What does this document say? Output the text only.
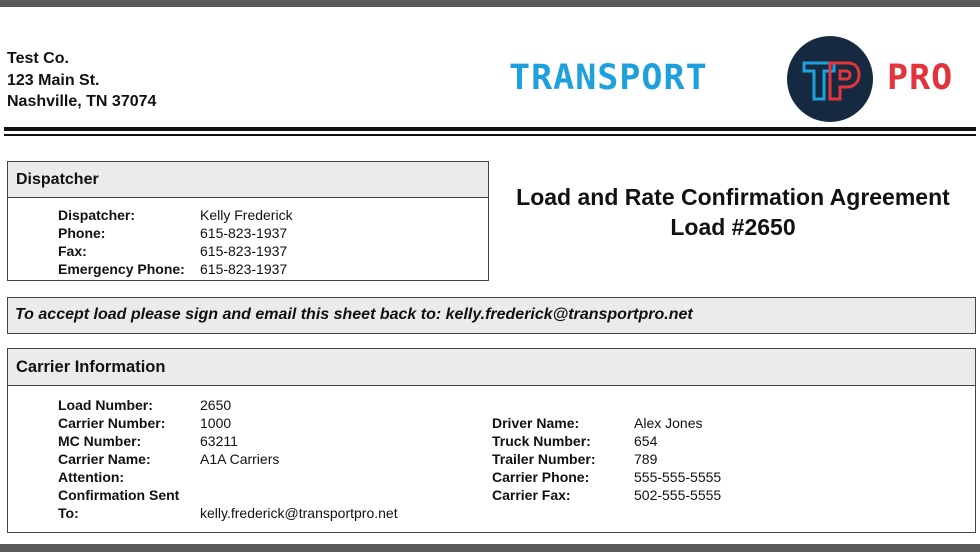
Test Co.
123 Main St.
Nashville, TN 37074
TRANSPORT	PRO
Dispatcher
Dispatcher:	Kelly Frederick
Phone:	615-823-1937
Fax:	615-823-1937
Emergency Phone: 615-823-1937
Load and Rate Confirmation Agreement
Load #2650
To accept load please sign and email this sheet back to: kelly.frederick@transportpro.net
Carrier Information
Load Number:	2650
Carrier Number: 1000
MC Number:	63211
Carrier Name:	A1A Carriers
Attention:
Confirmation Sent
To:	kelly.frederick@transportpro.net
Driver Name:	Alex Jones
Truck Number:	654
Trailer Number:	789
Carrier Phone:	555-555-5555
Carrier Fax:	502-555-5555
